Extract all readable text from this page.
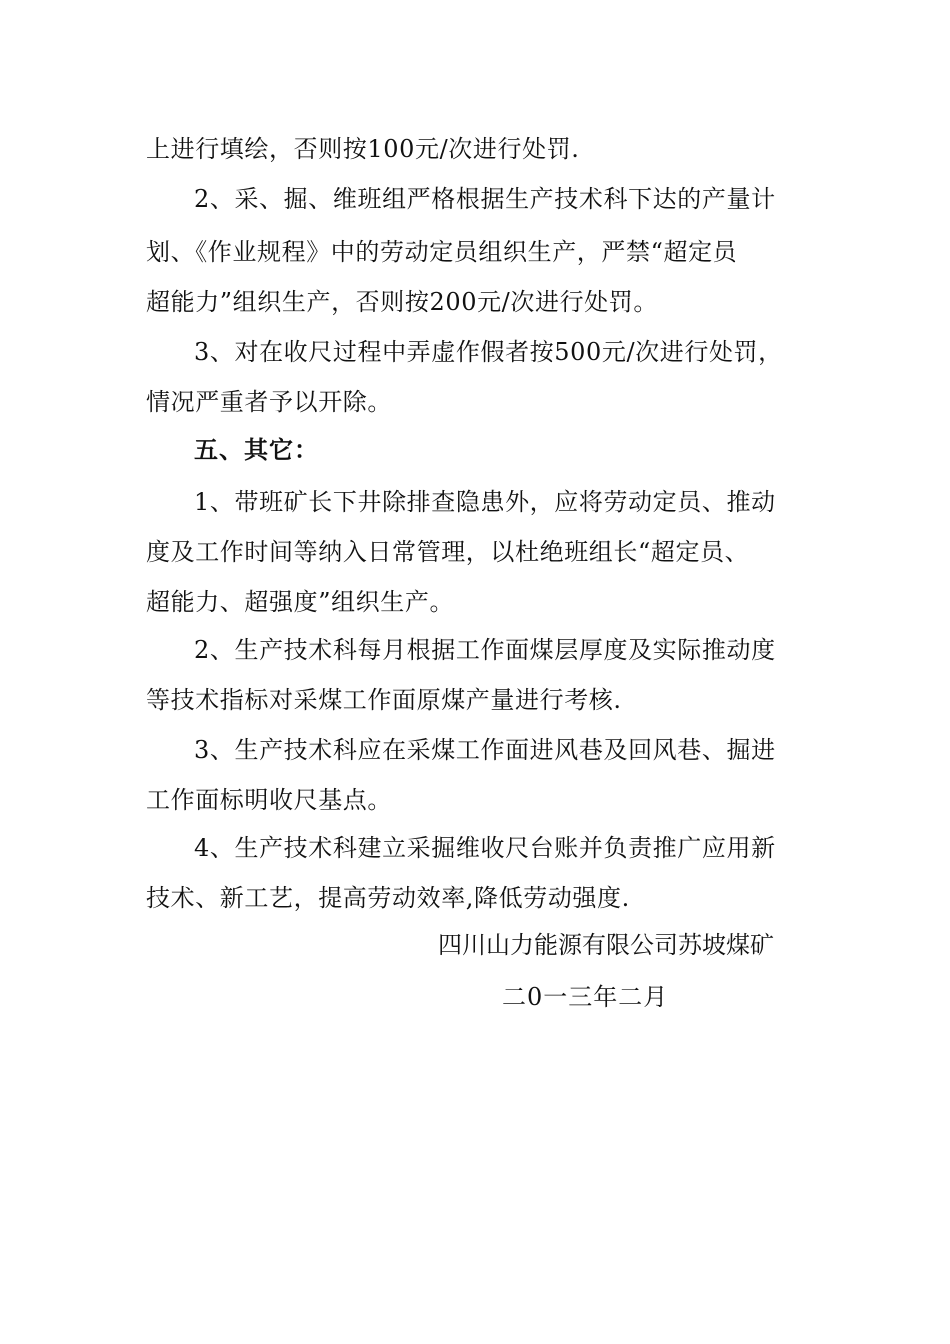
上进行填绘，否则按100元/次进行处罚.
2、采、掘、维班组严格根据生产技术科下达的产量计
划、《作业规程》中的劳动定员组织生产，严禁“超定员
超能力”组织生产，否则按200元/次进行处罚。
3、对在收尺过程中弄虚作假者按500元/次进行处罚，
情况严重者予以开除。
五、其它：
1、带班矿长下井除排查隐患外，应将劳动定员、推动
度及工作时间等纳入日常管理，以杜绝班组长“超定员、
超能力、超强度”组织生产。
2、生产技术科每月根据工作面煤层厚度及实际推动度
等技术指标对采煤工作面原煤产量进行考核.
3、生产技术科应在采煤工作面进风巷及回风巷、掘进
工作面标明收尺基点。
4、生产技术科建立采掘维收尺台账并负责推广应用新
技术、新工艺，提高劳动效率,降低劳动强度.
四川山力能源有限公司苏坡煤矿
二0一三年二月
